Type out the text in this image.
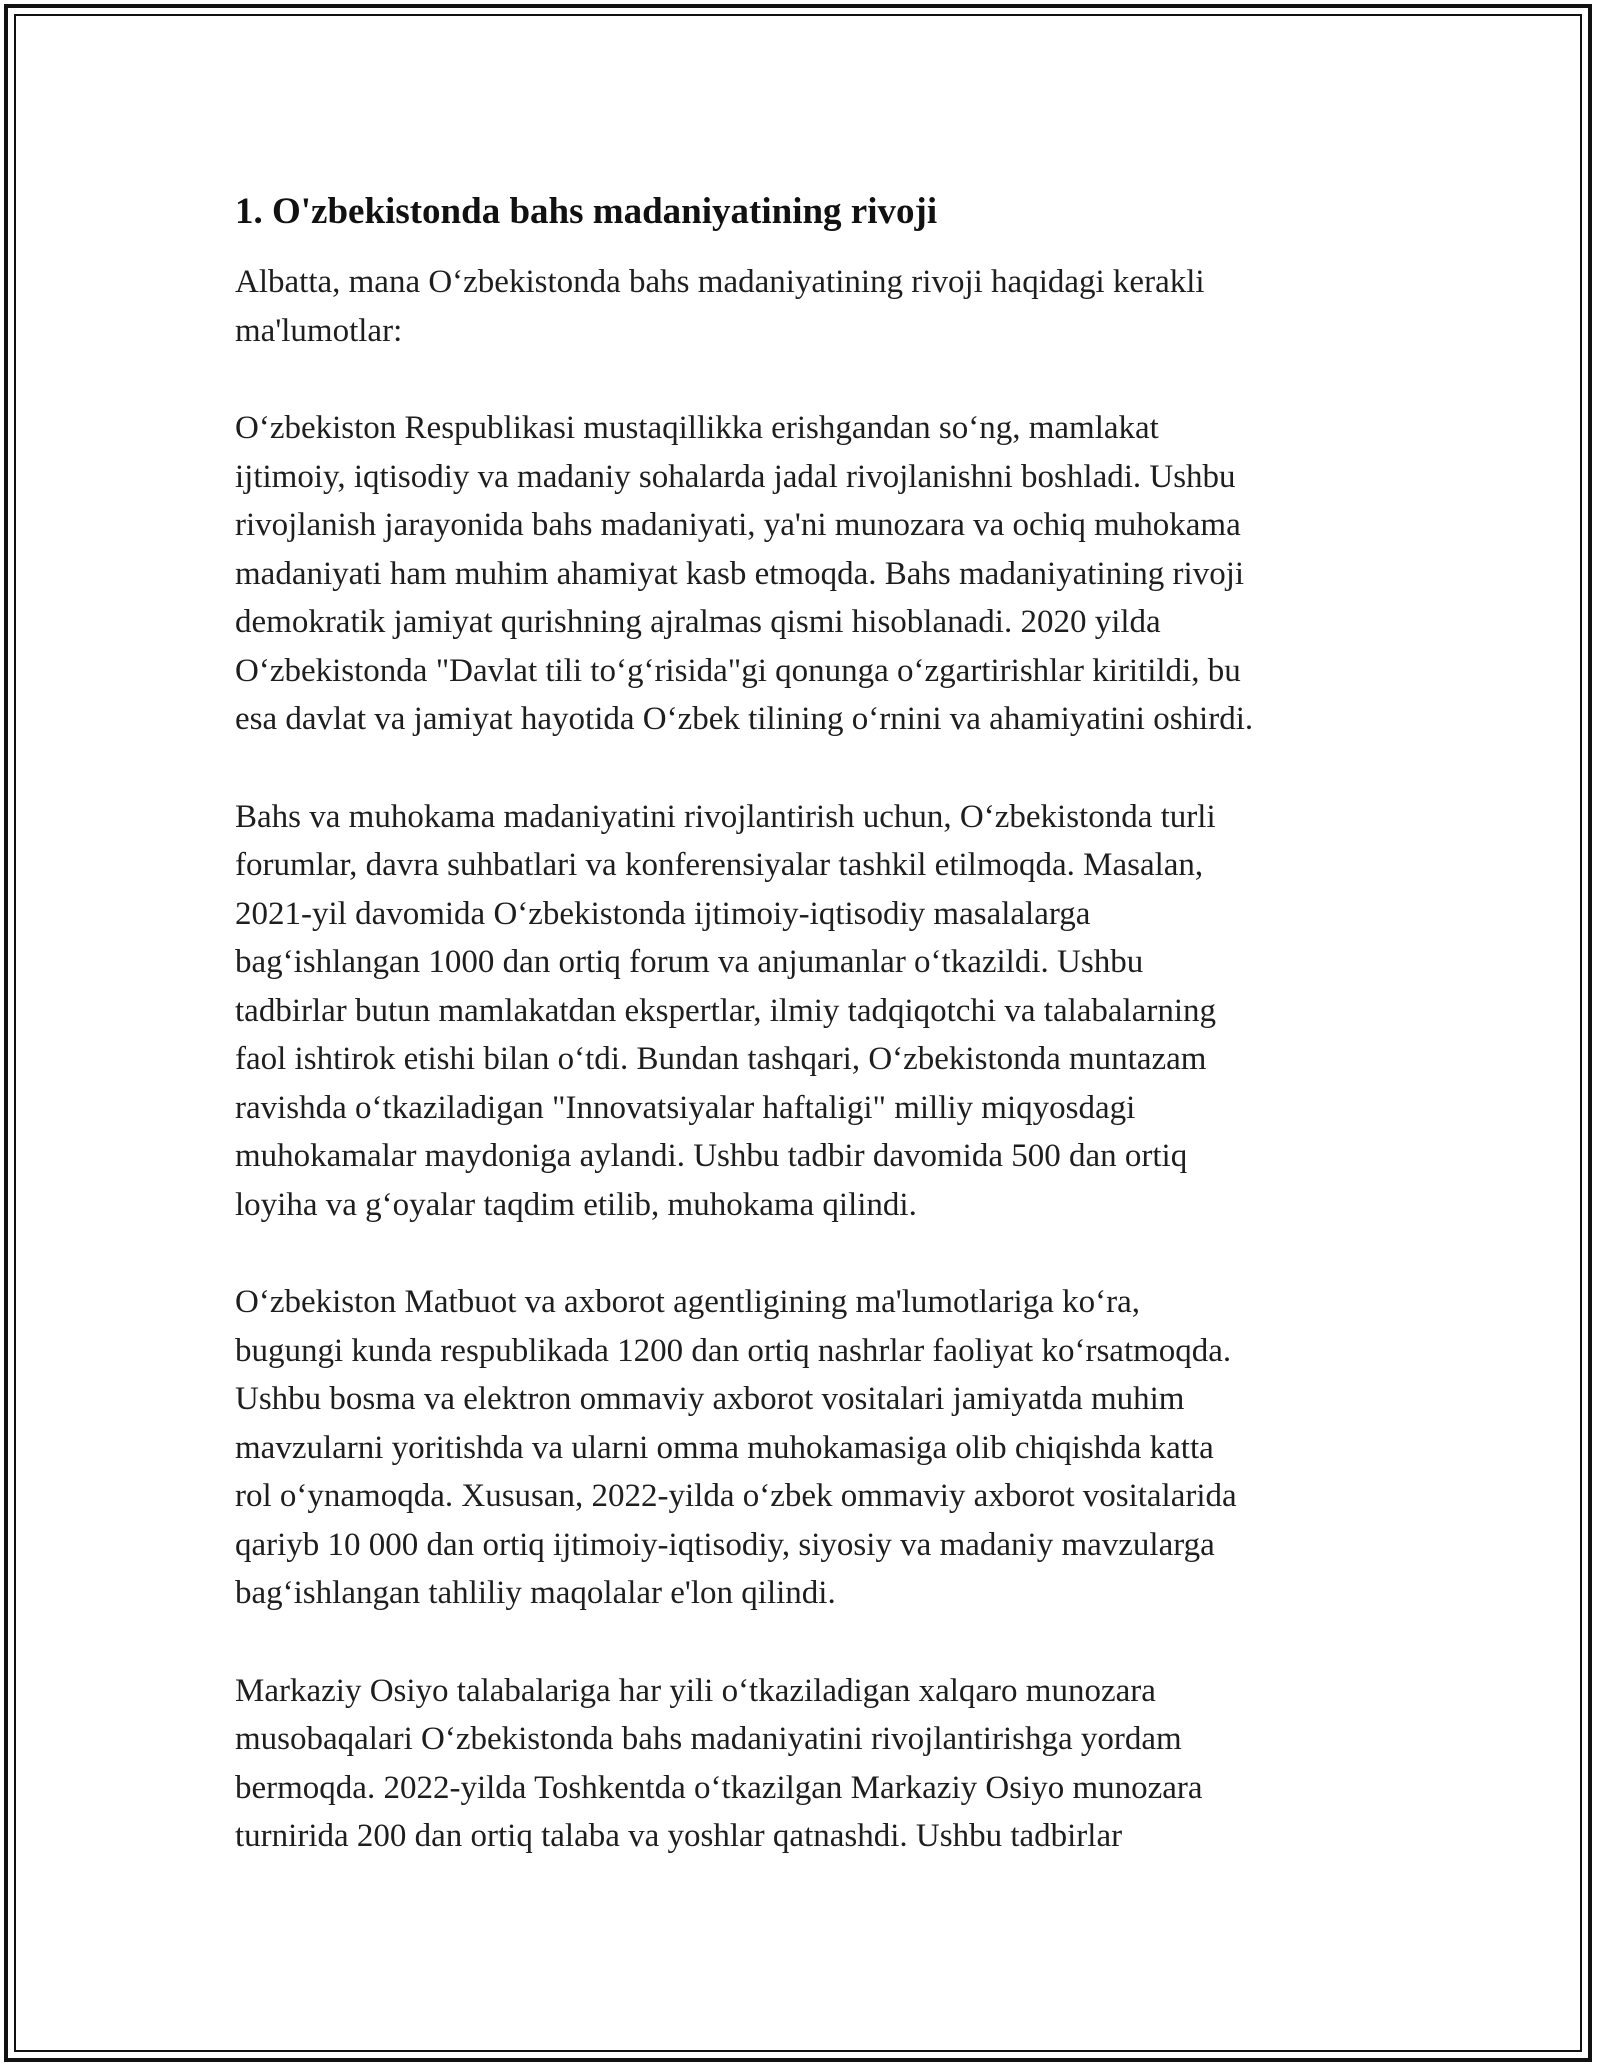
1. O'zbekistonda bahs madaniyatining rivoji

Albatta, mana O‘zbekistonda bahs madaniyatining rivoji haqidagi kerakli
ma'lumotlar:

O‘zbekiston Respublikasi mustaqillikka erishgandan so‘ng, mamlakat
ijtimoiy, iqtisodiy va madaniy sohalarda jadal rivojlanishni boshladi. Ushbu
rivojlanish jarayonida bahs madaniyati, ya'ni munozara va ochiq muhokama
madaniyati ham muhim ahamiyat kasb etmoqda. Bahs madaniyatining rivoji
demokratik jamiyat qurishning ajralmas qismi hisoblanadi. 2020 yilda
O‘zbekistonda "Davlat tili to‘g‘risida"gi qonunga o‘zgartirishlar kiritildi, bu
esa davlat va jamiyat hayotida O‘zbek tilining o‘rnini va ahamiyatini oshirdi.

Bahs va muhokama madaniyatini rivojlantirish uchun, O‘zbekistonda turli
forumlar, davra suhbatlari va konferensiyalar tashkil etilmoqda. Masalan,
2021-yil davomida O‘zbekistonda ijtimoiy-iqtisodiy masalalarga
bag‘ishlangan 1000 dan ortiq forum va anjumanlar o‘tkazildi. Ushbu
tadbirlar butun mamlakatdan ekspertlar, ilmiy tadqiqotchi va talabalarning
faol ishtirok etishi bilan o‘tdi. Bundan tashqari, O‘zbekistonda muntazam
ravishda o‘tkaziladigan "Innovatsiyalar haftaligi" milliy miqyosdagi
muhokamalar maydoniga aylandi. Ushbu tadbir davomida 500 dan ortiq
loyiha va g‘oyalar taqdim etilib, muhokama qilindi.

O‘zbekiston Matbuot va axborot agentligining ma'lumotlariga ko‘ra,
bugungi kunda respublikada 1200 dan ortiq nashrlar faoliyat ko‘rsatmoqda.
Ushbu bosma va elektron ommaviy axborot vositalari jamiyatda muhim
mavzularni yoritishda va ularni omma muhokamasiga olib chiqishda katta
rol o‘ynamoqda. Xususan, 2022-yilda o‘zbek ommaviy axborot vositalarida
qariyb 10 000 dan ortiq ijtimoiy-iqtisodiy, siyosiy va madaniy mavzularga
bag‘ishlangan tahliliy maqolalar e'lon qilindi.

Markaziy Osiyo talabalariga har yili o‘tkaziladigan xalqaro munozara
musobaqalari O‘zbekistonda bahs madaniyatini rivojlantirishga yordam
bermoqda. 2022-yilda Toshkentda o‘tkazilgan Markaziy Osiyo munozara
turnirida 200 dan ortiq talaba va yoshlar qatnashdi. Ushbu tadbirlar
